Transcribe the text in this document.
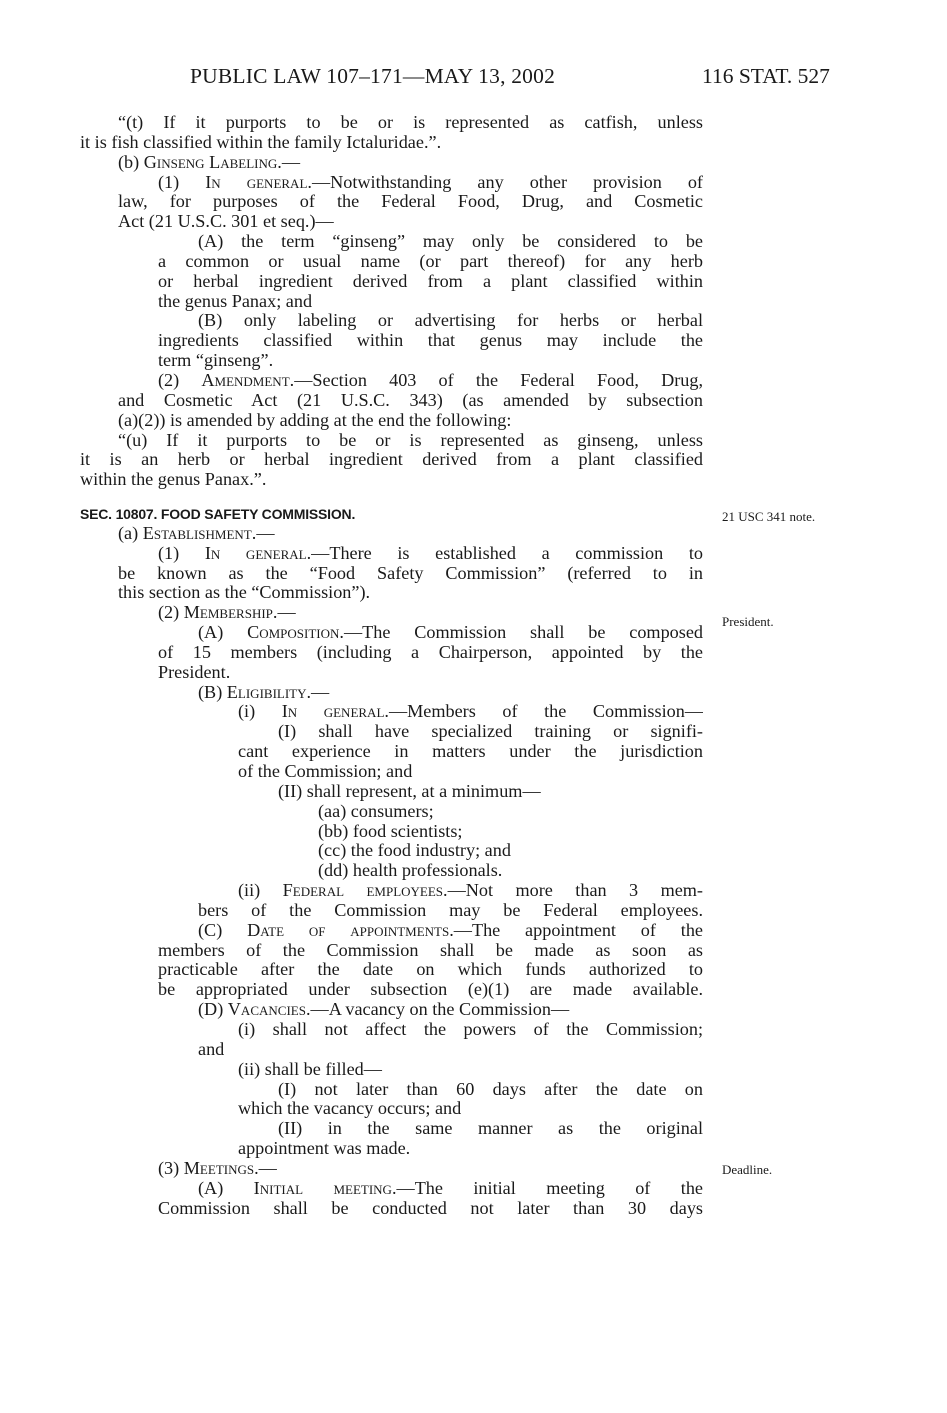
PUBLIC LAW 107–171—MAY 13, 2002	116 STAT. 527
“(t) If it purports to be or is represented as catfish, unless
it is fish classified within the family Ictaluridae.”.
(b) Ginseng Labeling.—
(1) In general.—Notwithstanding any other provision of
law, for purposes of the Federal Food, Drug, and Cosmetic
Act (21 U.S.C. 301 et seq.)—
(A) the term “ginseng” may only be considered to be
a common or usual name (or part thereof) for any herb
or herbal ingredient derived from a plant classified within
the genus Panax; and
(B) only labeling or advertising for herbs or herbal
ingredients classified within that genus may include the
term “ginseng”.
(2) Amendment.—Section 403 of the Federal Food, Drug,
and Cosmetic Act (21 U.S.C. 343) (as amended by subsection
(a)(2)) is amended by adding at the end the following:
“(u) If it purports to be or is represented as ginseng, unless
it is an herb or herbal ingredient derived from a plant classified
within the genus Panax.”.
SEC. 10807. FOOD SAFETY COMMISSION.
(a) Establishment.—
(1) In general.—There is established a commission to
be known as the “Food Safety Commission” (referred to in
this section as the “Commission”).
(2) Membership.—
(A) Composition.—The Commission shall be composed
of 15 members (including a Chairperson, appointed by the
President.
(B) Eligibility.—
(i) In general.—Members of the Commission—
(I) shall have specialized training or signifi-
cant experience in matters under the jurisdiction
of the Commission; and
(II) shall represent, at a minimum—
(aa) consumers;
(bb) food scientists;
(cc) the food industry; and
(dd) health professionals.
(ii) Federal employees.—Not more than 3 mem-
bers of the Commission may be Federal employees.
(C) Date of appointments.—The appointment of the
members of the Commission shall be made as soon as
practicable after the date on which funds authorized to
be appropriated under subsection (e)(1) are made available.
(D) Vacancies.—A vacancy on the Commission—
(i) shall not affect the powers of the Commission;
and
(ii) shall be filled—
(I) not later than 60 days after the date on
which the vacancy occurs; and
(II) in the same manner as the original
appointment was made.
(3) Meetings.—
(A) Initial meeting.—The initial meeting of the
Commission shall be conducted not later than 30 days
21 USC 341 note.
President.
Deadline.
